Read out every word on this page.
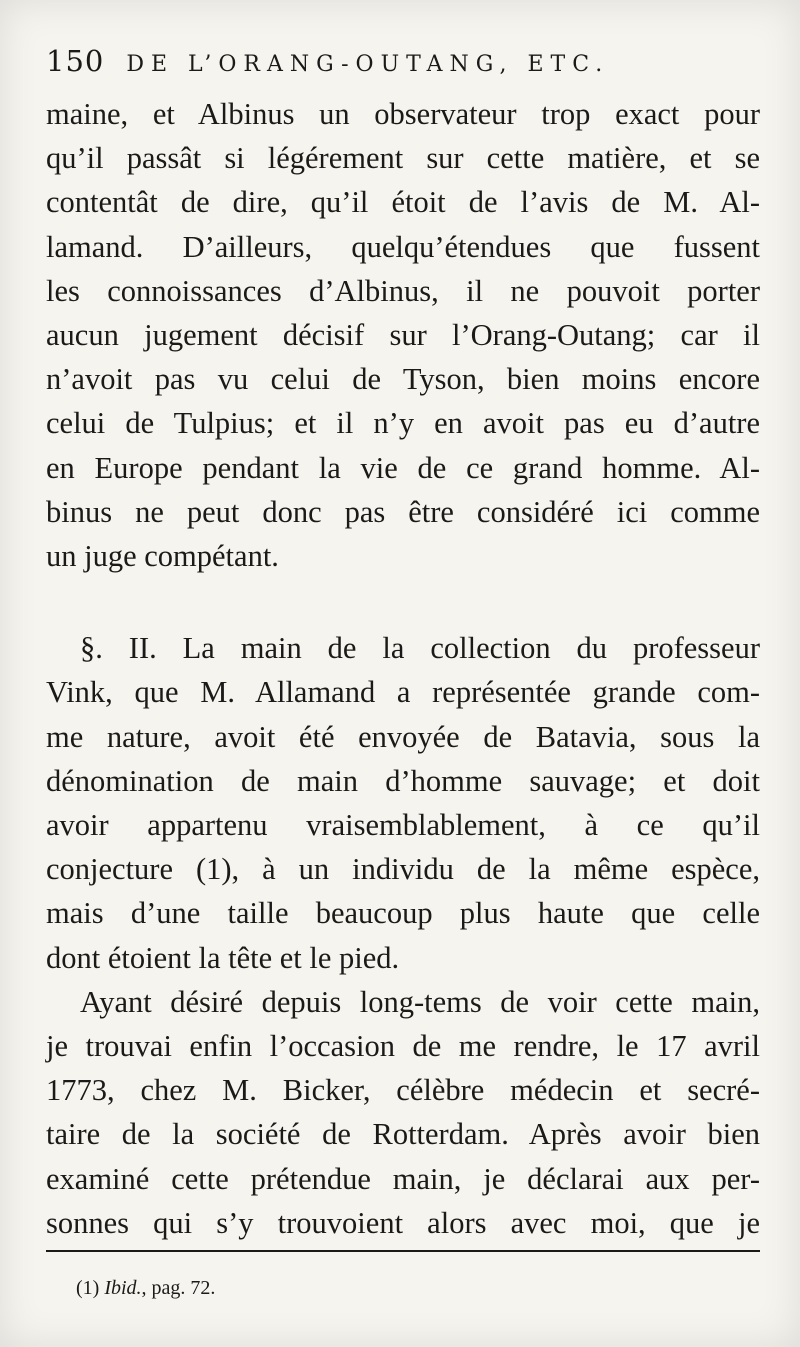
150 DE L’ORANG-OUTANG, ETC.
maine, et Albinus un observateur trop exact pour
qu’il passât si légérement sur cette matière, et se
contentât de dire, qu’il étoit de l’avis de M. Al-
lamand. D’ailleurs, quelqu’étendues que fussent
les connoissances d’Albinus, il ne pouvoit porter
aucun jugement décisif sur l’Orang-Outang; car il
n’avoit pas vu celui de Tyson, bien moins encore
celui de Tulpius; et il n’y en avoit pas eu d’autre
en Europe pendant la vie de ce grand homme. Al-
binus ne peut donc pas être considéré ici comme
un juge compétant.
§. II. La main de la collection du professeur
Vink, que M. Allamand a représentée grande com-
me nature, avoit été envoyée de Batavia, sous la
dénomination de main d’homme sauvage; et doit
avoir appartenu vraisemblablement, à ce qu’il
conjecture (1), à un individu de la même espèce,
mais d’une taille beaucoup plus haute que celle
dont étoient la tête et le pied.
Ayant désiré depuis long-tems de voir cette main,
je trouvai enfin l’occasion de me rendre, le 17 avril
1773, chez M. Bicker, célèbre médecin et secré-
taire de la société de Rotterdam. Après avoir bien
examiné cette prétendue main, je déclarai aux per-
sonnes qui s’y trouvoient alors avec moi, que je
(1) Ibid., pag. 72.
